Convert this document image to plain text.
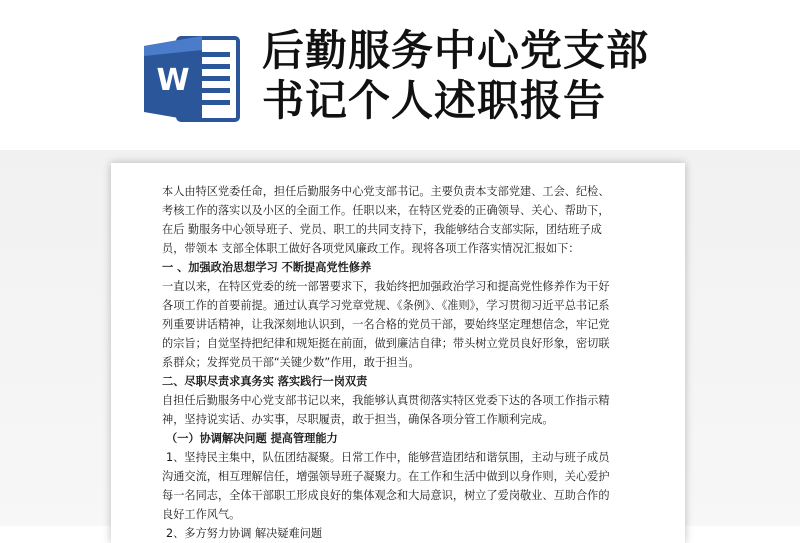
W
后勤服务中心党支部
书记个人述职报告
本人由特区党委任命，担任后勤服务中心党支部书记。主要负责本支部党建、工会、纪检、
考核工作的落实以及小区的全面工作。任职以来，在特区党委的正确领导、关心、帮助下，
在后 勤服务中心领导班子、党员、职工的共同支持下，我能够结合支部实际，团结班子成
员，带领本 支部全体职工做好各项党风廉政工作。现将各项工作落实情况汇报如下：
一 、加强政治思想学习 不断提高党性修养
一直以来，在特区党委的统一部署要求下，我始终把加强政治学习和提高党性修养作为干好
各项工作的首要前提。通过认真学习党章党规、《条例》、《准则》，学习贯彻习近平总书记系
列重要讲话精神，让我深刻地认识到，一名合格的党员干部，要始终坚定理想信念，牢记党
的宗旨；自觉坚持把纪律和规矩挺在前面，做到廉洁自律；带头树立党员良好形象，密切联
系群众；发挥党员干部“关键少数”作用，敢于担当。
二、尽职尽责求真务实 落实践行一岗双责
自担任后勤服务中心党支部书记以来，我能够认真贯彻落实特区党委下达的各项工作指示精
神，坚持说实话、办实事，尽职履责，敢于担当，确保各项分管工作顺利完成。
（一）协调解决问题 提高管理能力
1、坚持民主集中，队伍团结凝聚。日常工作中，能够营造团结和谐氛围，主动与班子成员
沟通交流，相互理解信任，增强领导班子凝聚力。在工作和生活中做到以身作则，关心爱护
每一名同志，全体干部职工形成良好的集体观念和大局意识，树立了爱岗敬业、互助合作的
良好工作风气。
2、多方努力协调 解决疑难问题
